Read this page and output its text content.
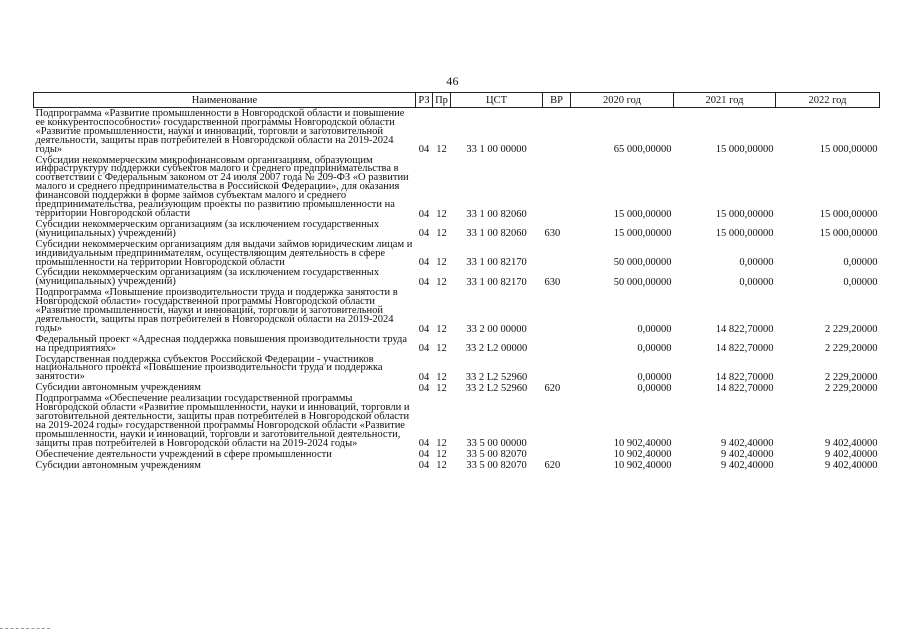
46
Наименование	РЗ	Пр	ЦСТ	ВР	2020 год	2021 год	2022 год
Подпрограмма «Развитие промышленности в Новгородской области и повышение ее конкурентоспособности» государственной программы Новгородской области «Развитие промышленности, науки и инноваций, торговли и заготовительной деятельности, защиты прав потребителей в Новгородской области на 2019-2024 годы»	04	12	33 1 00 00000		65 000,00000	15 000,00000	15 000,00000
Субсидии некоммерческим микрофинансовым организациям, образующим инфраструктуру поддержки субъектов малого и среднего предпринимательства в соответствии с Федеральным законом от 24 июля 2007 года № 209-ФЗ «О развитии малого и среднего предпринимательства в Российской Федерации», для оказания финансовой поддержки в форме займов субъектам малого и среднего предпринимательства, реализующим проекты по развитию промышленности на территории Новгородской области	04	12	33 1 00 82060		15 000,00000	15 000,00000	15 000,00000
Субсидии некоммерческим организациям (за исключением государственных (муниципальных) учреждений)	04	12	33 1 00 82060	630	15 000,00000	15 000,00000	15 000,00000
Субсидии некоммерческим организациям для выдачи займов юридическим лицам и индивидуальным предпринимателям, осуществляющим деятельность в сфере промышленности на территории Новгородской области	04	12	33 1 00 82170		50 000,00000	0,00000	0,00000
Субсидии некоммерческим организациям (за исключением государственных (муниципальных) учреждений)	04	12	33 1 00 82170	630	50 000,00000	0,00000	0,00000
Подпрограмма «Повышение производительности труда и поддержка занятости в Новгородской области» государственной программы Новгородской области «Развитие промышленности, науки и инноваций, торговли и заготовительной деятельности, защиты прав потребителей в Новгородской области на 2019-2024 годы»	04	12	33 2 00 00000		0,00000	14 822,70000	2 229,20000
Федеральный проект «Адресная поддержка повышения производительности труда на предприятиях»	04	12	33 2 L2 00000		0,00000	14 822,70000	2 229,20000
Государственная поддержка субъектов Российской Федерации - участников национального проекта «Повышение производительности труда и поддержка занятости»	04	12	33 2 L2 52960		0,00000	14 822,70000	2 229,20000
Субсидии автономным учреждениям	04	12	33 2 L2 52960	620	0,00000	14 822,70000	2 229,20000
Подпрограмма «Обеспечение реализации государственной программы Новгородской области «Развитие промышленности, науки и инноваций, торговли и заготовительной деятельности, защиты прав потребителей в Новгородской области на 2019-2024 годы» государственной программы Новгородской области «Развитие промышленности, науки и инноваций, торговли и заготовительной деятельности, защиты прав потребителей в Новгородской области на 2019-2024 годы»	04	12	33 5 00 00000		10 902,40000	9 402,40000	9 402,40000
Обеспечение деятельности учреждений в сфере промышленности	04	12	33 5 00 82070		10 902,40000	9 402,40000	9 402,40000
Субсидии автономным учреждениям	04	12	33 5 00 82070	620	10 902,40000	9 402,40000	9 402,40000
